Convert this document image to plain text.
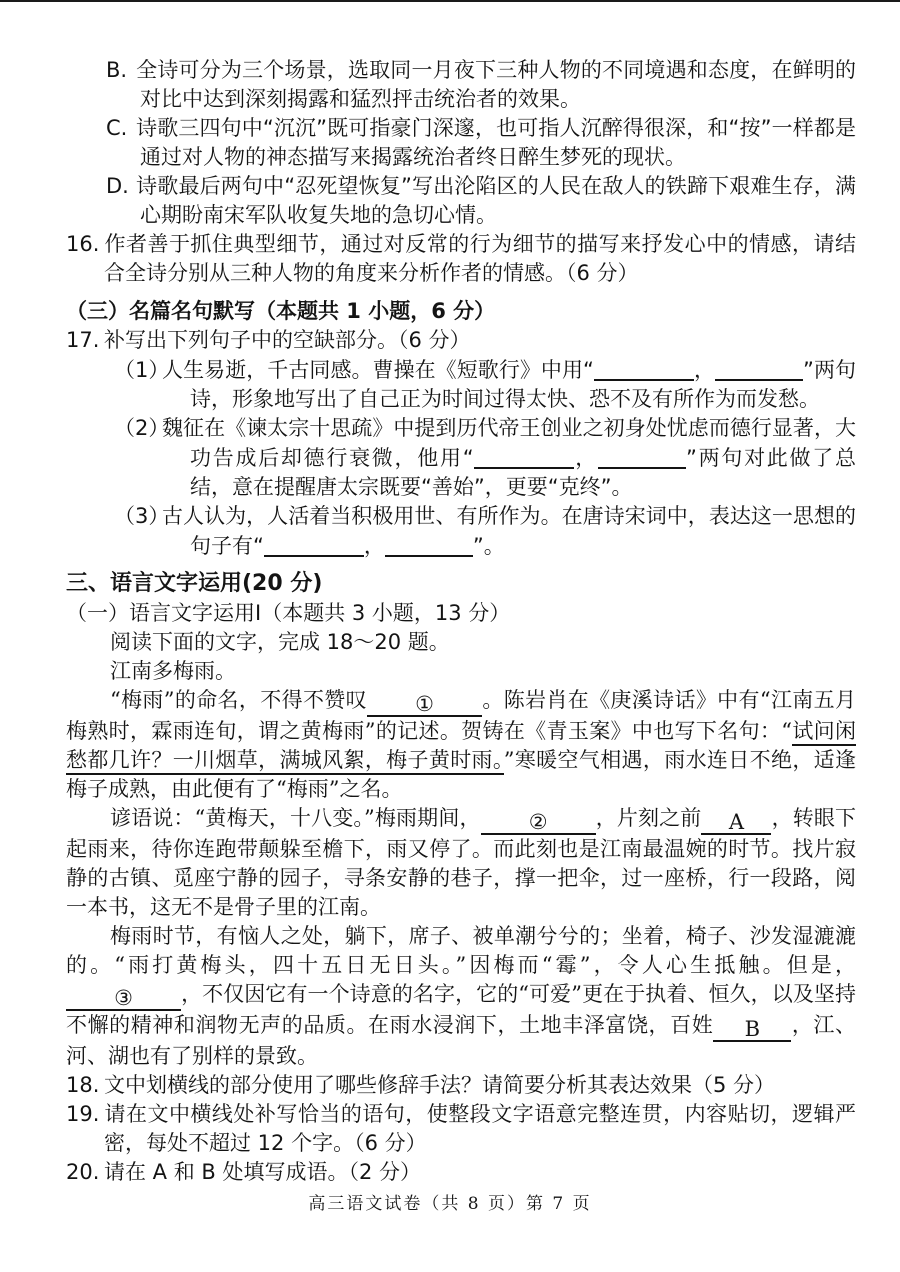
B. 全诗可分为三个场景，选取同一月夜下三种人物的不同境遇和态度，在鲜明的对比中达到深刻揭露和猛烈抨击统治者的效果。

C. 诗歌三四句中“沉沉”既可指豪门深邃，也可指人沉醉得很深，和“按”一样都是通过对人物的神态描写来揭露统治者终日醉生梦死的现状。

D. 诗歌最后两句中“忍死望恢复”写出沦陷区的人民在敌人的铁蹄下艰难生存，满心期盼南宋军队收复失地的急切心情。

16. 作者善于抓住典型细节，通过对反常的行为细节的描写来抒发心中的情感，请结合全诗分别从三种人物的角度来分析作者的情感。（6 分）

（三）名篇名句默写（本题共 1 小题，6 分）

17. 补写出下列句子中的空缺部分。（6 分）

（1）人生易逝，千古同感。曹操在《短歌行》中用“	，	”两句诗，形象地写出了自己正为时间过得太快、恐不及有所作为而发愁。

（2）魏征在《谏太宗十思疏》中提到历代帝王创业之初身处忧虑而德行显著，大功告成后却德行衰微，他用“	，	”两句对此做了总结，意在提醒唐太宗既要“善始”，更要“克终”。

（3）古人认为，人活着当积极用世、有所作为。在唐诗宋词中，表达这一思想的句子有“	，	”。

三、语言文字运用(20 分)

（一）语言文字运用Ⅰ（本题共 3 小题，13 分）

阅读下面的文字，完成 18～20 题。

江南多梅雨。

“梅雨”的命名，不得不赞叹 ① 。陈岩肖在《庚溪诗话》中有“江南五月梅熟时，霖雨连旬，谓之黄梅雨”的记述。贺铸在《青玉案》中也写下名句：“试问闲愁都几许？一川烟草，满城风絮，梅子黄时雨。”寒暖空气相遇，雨水连日不绝，适逢梅子成熟，由此便有了“梅雨”之名。

谚语说：“黄梅天，十八变。”梅雨期间， ② ，片刻之前 A ，转眼下起雨来，待你连跑带颠躲至檐下，雨又停了。而此刻也是江南最温婉的时节。找片寂静的古镇、觅座宁静的园子，寻条安静的巷子，撑一把伞，过一座桥，行一段路，阅一本书，这无不是骨子里的江南。

梅雨时节，有恼人之处，躺下，席子、被单潮兮兮的；坐着，椅子、沙发湿漉漉的。“雨打黄梅头，四十五日无日头。”因梅而“霉”，令人心生抵触。但是，③ ，不仅因它有一个诗意的名字，它的“可爱”更在于执着、恒久，以及坚持不懈的精神和润物无声的品质。在雨水浸润下，土地丰泽富饶，百姓 B ，江、河、湖也有了别样的景致。

18. 文中划横线的部分使用了哪些修辞手法？请简要分析其表达效果（5 分）

19. 请在文中横线处补写恰当的语句，使整段文字语意完整连贯，内容贴切，逻辑严密，每处不超过 12 个字。（6 分）

20. 请在 A 和 B 处填写成语。（2 分）

高三语文试卷（共 8 页）第 7 页
